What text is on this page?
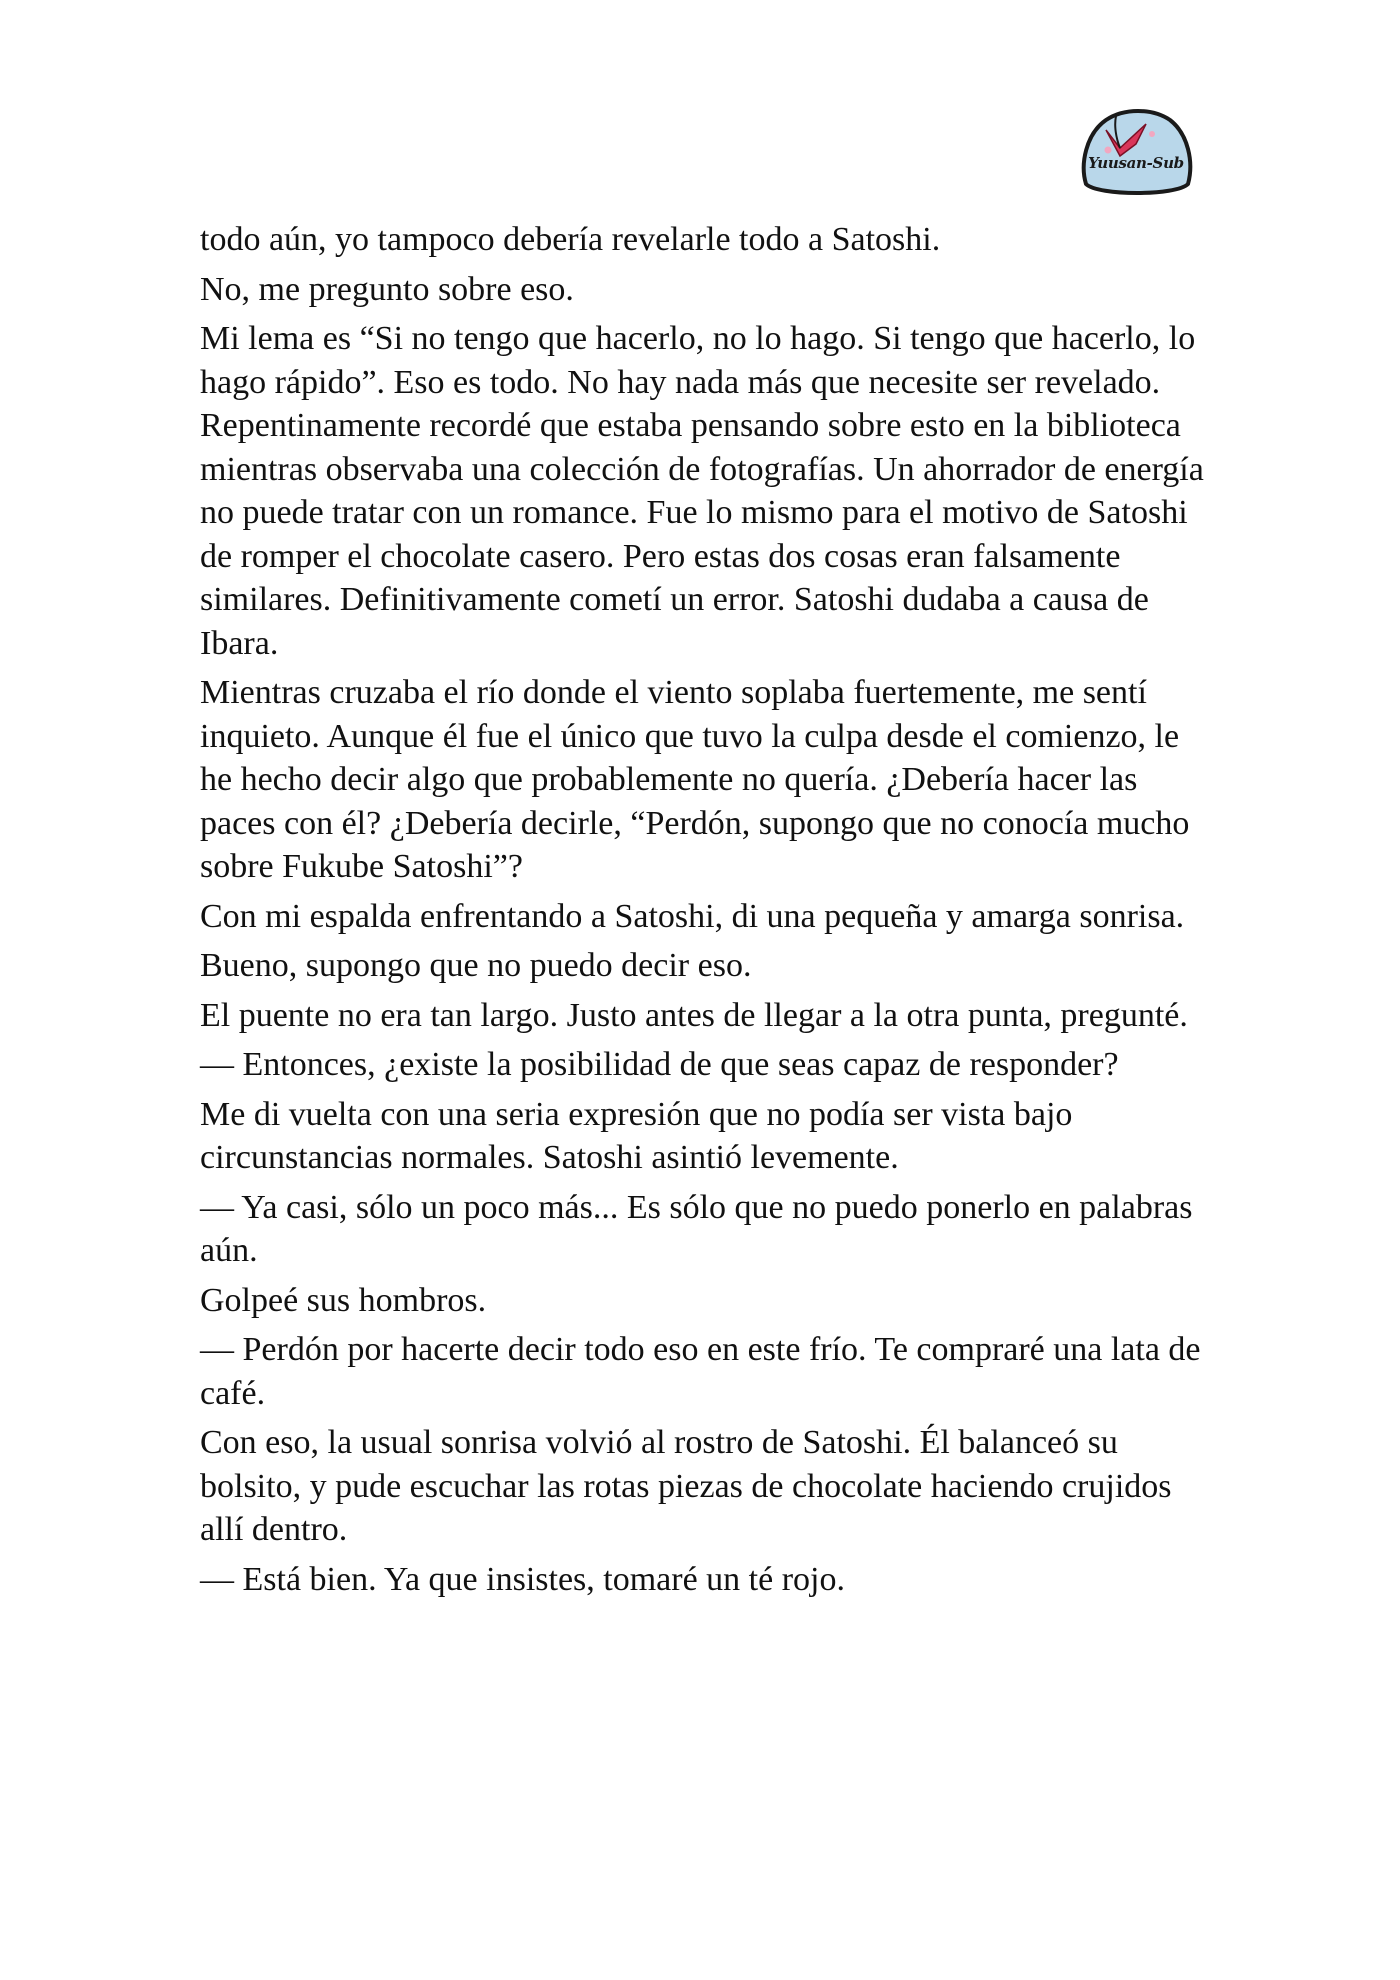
Yuusan-Sub

todo aún, yo tampoco debería revelarle todo a Satoshi.

No, me pregunto sobre eso.

Mi lema es “Si no tengo que hacerlo, no lo hago. Si tengo que hacerlo, lo hago rápido”. Eso es todo. No hay nada más que necesite ser revelado. Repentinamente recordé que estaba pensando sobre esto en la biblioteca mientras observaba una colección de fotografías. Un ahorrador de energía no puede tratar con un romance. Fue lo mismo para el motivo de Satoshi de romper el chocolate casero. Pero estas dos cosas eran falsamente similares. Definitivamente cometí un error. Satoshi dudaba a causa de Ibara.

Mientras cruzaba el río donde el viento soplaba fuertemente, me sentí inquieto. Aunque él fue el único que tuvo la culpa desde el comienzo, le he hecho decir algo que probablemente no quería. ¿Debería hacer las paces con él? ¿Debería decirle, “Perdón, supongo que no conocía mucho sobre Fukube Satoshi”?

Con mi espalda enfrentando a Satoshi, di una pequeña y amarga sonrisa.

Bueno, supongo que no puedo decir eso.

El puente no era tan largo. Justo antes de llegar a la otra punta, pregunté.

— Entonces, ¿existe la posibilidad de que seas capaz de responder?

Me di vuelta con una seria expresión que no podía ser vista bajo circunstancias normales. Satoshi asintió levemente.

— Ya casi, sólo un poco más... Es sólo que no puedo ponerlo en palabras aún.

Golpeé sus hombros.

— Perdón por hacerte decir todo eso en este frío. Te compraré una lata de café.

Con eso, la usual sonrisa volvió al rostro de Satoshi. Él balanceó su bolsito, y pude escuchar las rotas piezas de chocolate haciendo crujidos allí dentro.

— Está bien. Ya que insistes, tomaré un té rojo.
